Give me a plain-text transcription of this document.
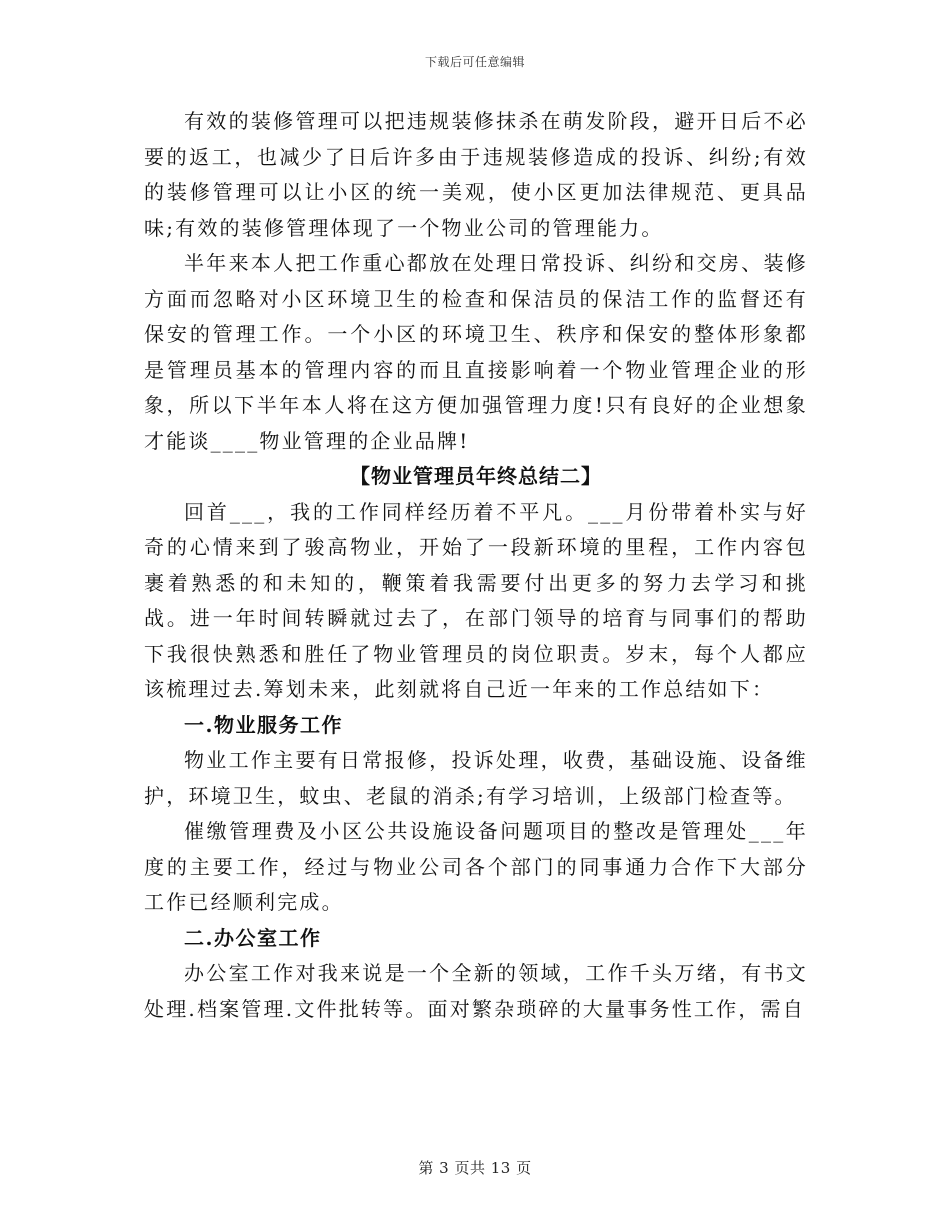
下载后可任意编辑

有效的装修管理可以把违规装修抹杀在萌发阶段，避开日后不必要的返工，也减少了日后许多由于违规装修造成的投诉、纠纷;有效的装修管理可以让小区的统一美观，使小区更加法律规范、更具品味;有效的装修管理体现了一个物业公司的管理能力。

半年来本人把工作重心都放在处理日常投诉、纠纷和交房、装修方面而忽略对小区环境卫生的检查和保洁员的保洁工作的监督还有保安的管理工作。一个小区的环境卫生、秩序和保安的整体形象都是管理员基本的管理内容的而且直接影响着一个物业管理企业的形象，所以下半年本人将在这方便加强管理力度!只有良好的企业想象才能谈____物业管理的企业品牌!

【物业管理员年终总结二】

回首___，我的工作同样经历着不平凡。___月份带着朴实与好奇的心情来到了骏高物业，开始了一段新环境的里程，工作内容包裹着熟悉的和未知的，鞭策着我需要付出更多的努力去学习和挑战。进一年时间转瞬就过去了，在部门领导的培育与同事们的帮助下我很快熟悉和胜任了物业管理员的岗位职责。岁末，每个人都应该梳理过去.筹划未来，此刻就将自己近一年来的工作总结如下：

一.物业服务工作

物业工作主要有日常报修，投诉处理，收费，基础设施、设备维护，环境卫生，蚊虫、老鼠的消杀;有学习培训，上级部门检查等。

催缴管理费及小区公共设施设备问题项目的整改是管理处___年度的主要工作，经过与物业公司各个部门的同事通力合作下大部分工作已经顺利完成。

二.办公室工作

办公室工作对我来说是一个全新的领域，工作千头万绪，有书文处理.档案管理.文件批转等。面对繁杂琐碎的大量事务性工作，需自

第 3 页共 13 页
